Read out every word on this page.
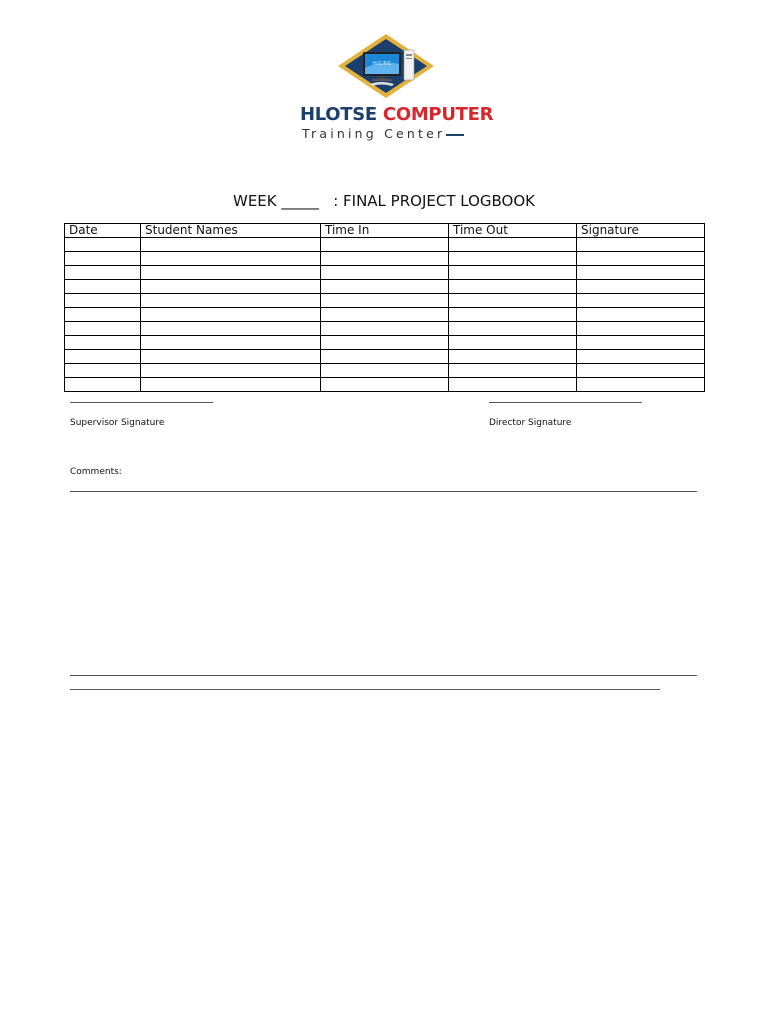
H.C.T.C
HLOTSE COMPUTER
Training Center
WEEK _____   : FINAL PROJECT LOGBOOK
Date	Student Names	Time In	Time Out	Signature

Supervisor Signature	Director Signature
Comments:
